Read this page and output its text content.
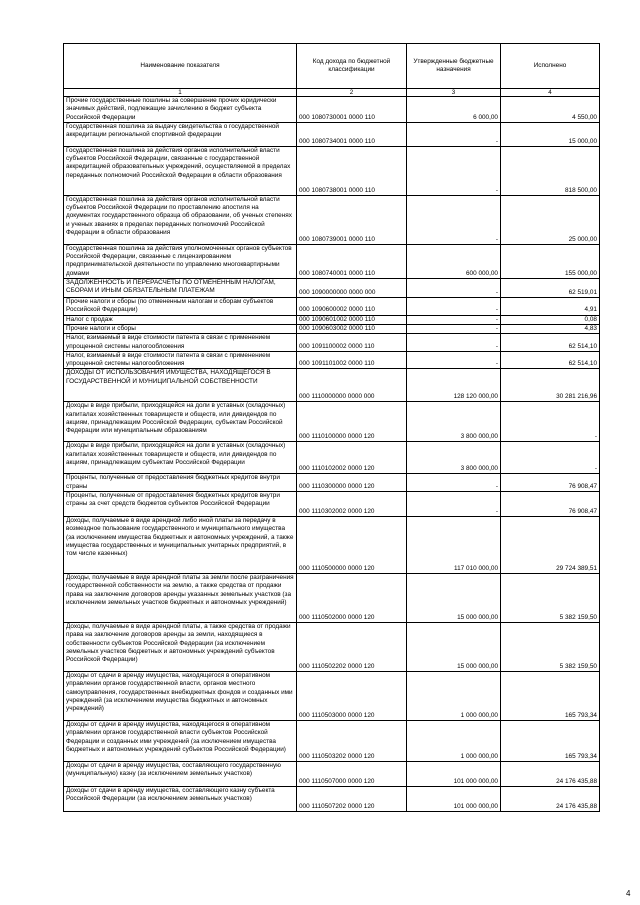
Наименование показателя	Код дохода по бюджетной классификации	Утвержденные бюджетные назначения	Исполнено
1	2	3	4
Прочие государственные пошлины за совершение прочих юридически значимых действий, подлежащие зачислению в бюджет субъекта Российской Федерации	000 1080730001 0000 110	6 000,00	4 550,00
Государственная пошлина за выдачу свидетельства о государственной аккредитации региональной спортивной федерации	000 1080734001 0000 110	-	15 000,00
Государственная пошлина за действия органов исполнительной власти субъектов Российской Федерации, связанные с государственной аккредитацией образовательных учреждений, осуществляемой в пределах переданных полномочий Российской Федерации в области образования	000 1080738001 0000 110	-	818 500,00
Государственная пошлина за действия органов исполнительной власти субъектов Российской Федерации по проставлению апостиля на документах государственного образца об образовании, об ученых степенях и ученых званиях в пределах переданных полномочий Российской Федерации в области образования	000 1080739001 0000 110	-	25 000,00
Государственная пошлина за действия уполномоченных органов субъектов Российской Федерации, связанные с лицензированием предпринимательской деятельности по управлению многоквартирными домами	000 1080740001 0000 110	600 000,00	155 000,00
ЗАДОЛЖЕННОСТЬ И ПЕРЕРАСЧЕТЫ ПО ОТМЕНЕННЫМ НАЛОГАМ, СБОРАМ И ИНЫМ ОБЯЗАТЕЛЬНЫМ ПЛАТЕЖАМ	000 1090000000 0000 000	-	62 519,01
Прочие налоги и сборы (по отмененным налогам и сборам субъектов Российской Федерации)	000 1090600002 0000 110	-	4,91
Налог с продаж	000 1090601002 0000 110	-	0,08
Прочие налоги и сборы	000 1090603002 0000 110	-	4,83
Налог, взимаемый в виде стоимости патента в связи с применением упрощенной системы налогообложения	000 1091100002 0000 110	-	62 514,10
Налог, взимаемый в виде стоимости патента в связи с применением упрощенной системы налогообложения	000 1091101002 0000 110	-	62 514,10
ДОХОДЫ ОТ ИСПОЛЬЗОВАНИЯ ИМУЩЕСТВА, НАХОДЯЩЕГОСЯ В ГОСУДАРСТВЕННОЙ И МУНИЦИПАЛЬНОЙ СОБСТВЕННОСТИ	000 1110000000 0000 000	128 120 000,00	30 281 216,96
Доходы в виде прибыли, приходящейся на доли в уставных (складочных) капиталах хозяйственных товариществ и обществ, или дивидендов по акциям, принадлежащим Российской Федерации, субъектам Российской Федерации или муниципальным образованиям	000 1110100000 0000 120	3 800 000,00	-
Доходы в виде прибыли, приходящейся на доли в уставных (складочных) капиталах хозяйственных товариществ и обществ, или дивидендов по акциям, принадлежащим субъектам Российской Федерации	000 1110102002 0000 120	3 800 000,00	-
Проценты, полученные от предоставления бюджетных кредитов внутри страны	000 1110300000 0000 120	-	76 908,47
Проценты, полученные от предоставления бюджетных кредитов внутри страны за счет средств бюджетов субъектов Российской Федерации	000 1110302002 0000 120	-	76 908,47
Доходы, получаемые в виде арендной либо иной платы за передачу в возмездное пользование государственного и муниципального имущества (за исключением имущества бюджетных и автономных учреждений, а также имущества государственных и муниципальных унитарных предприятий, в том числе казенных)	000 1110500000 0000 120	117 010 000,00	29 724 389,51
Доходы, получаемые в виде арендной платы за земли после разграничения государственной собственности на землю, а также средства от продажи права на заключение договоров аренды указанных земельных участков (за исключением земельных участков бюджетных и автономных учреждений)	000 1110502000 0000 120	15 000 000,00	5 382 159,50
Доходы, получаемые в виде арендной платы, а также средства от продажи права на заключение договоров аренды за земли, находящиеся в собственности субъектов Российской Федерации (за исключением земельных участков бюджетных и автономных учреждений субъектов Российской Федерации)	000 1110502202 0000 120	15 000 000,00	5 382 159,50
Доходы от сдачи в аренду имущества, находящегося в оперативном управлении органов государственной власти, органов местного самоуправления, государственных внебюджетных фондов и созданных ими учреждений (за исключением имущества бюджетных и автономных учреждений)	000 1110503000 0000 120	1 000 000,00	165 793,34
Доходы от сдачи в аренду имущества, находящегося в оперативном управлении органов государственной власти субъектов Российской Федерации и созданных ими учреждений (за исключением имущества бюджетных и автономных учреждений субъектов Российской Федерации)	000 1110503202 0000 120	1 000 000,00	165 793,34
Доходы от сдачи в аренду имущества, составляющего государственную (муниципальную) казну (за исключением земельных участков)	000 1110507000 0000 120	101 000 000,00	24 176 435,88
Доходы от сдачи в аренду имущества, составляющего казну субъекта Российской Федерации (за исключением земельных участков)	000 1110507202 0000 120	101 000 000,00	24 176 435,88
4
